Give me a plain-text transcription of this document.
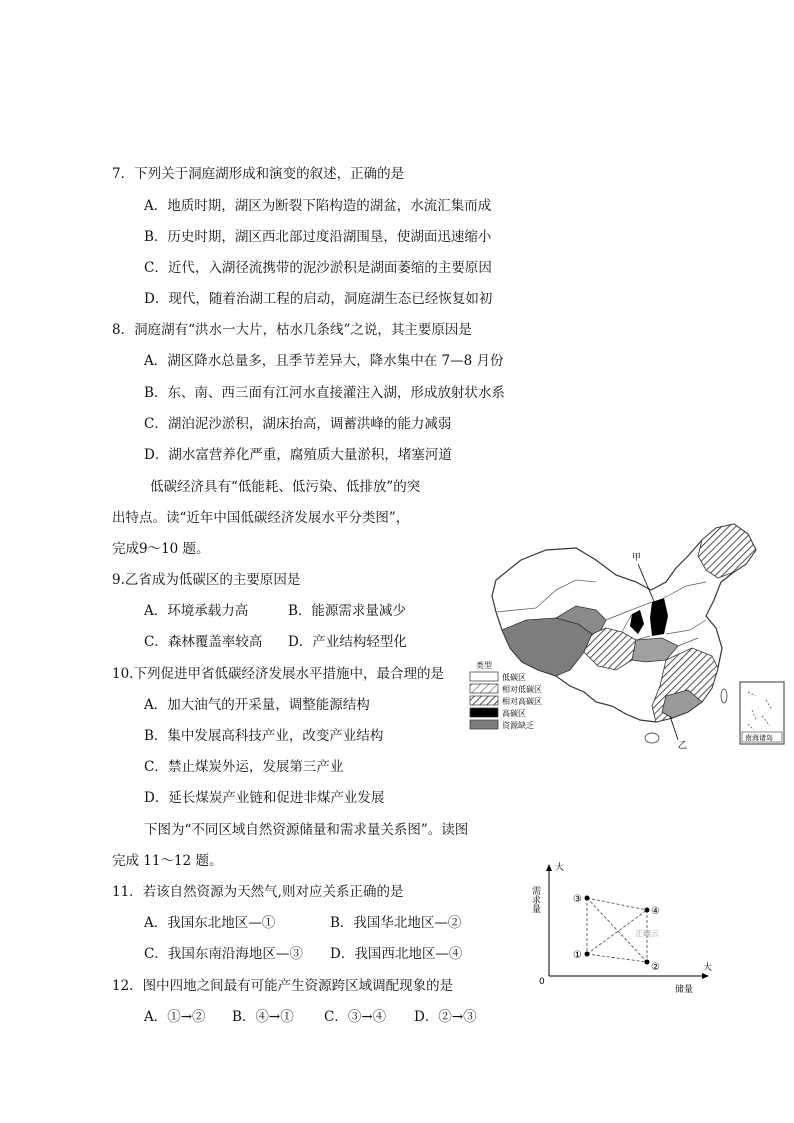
7．下列关于洞庭湖形成和演变的叙述，正确的是
A．地质时期，湖区为断裂下陷构造的湖盆，水流汇集而成
B．历史时期，湖区西北部过度沿湖围垦，使湖面迅速缩小
C．近代，入湖径流携带的泥沙淤积是湖面萎缩的主要原因
D．现代，随着治湖工程的启动，洞庭湖生态已经恢复如初
8．洞庭湖有“洪水一大片，枯水几条线”之说，其主要原因是
A．湖区降水总量多，且季节差异大，降水集中在 7—8 月份
B．东、南、西三面有江河水直接灌注入湖，形成放射状水系
C．湖泊泥沙淤积，湖床抬高，调蓄洪峰的能力减弱
D．湖水富营养化严重，腐殖质大量淤积，堵塞河道
低碳经济具有“低能耗、低污染、低排放”的突
出特点。读“近年中国低碳经济发展水平分类图”，
完成9～10 题。
9.乙省成为低碳区的主要原因是
A．环境承载力高	B．能源需求量减少
C．森林覆盖率较高 D．产业结构轻型化
10.下列促进甲省低碳经济发展水平措施中，最合理的是
A．加大油气的开采量，调整能源结构
B．集中发展高科技产业，改变产业结构
C．禁止煤炭外运，发展第三产业
D．延长煤炭产业链和促进非煤产业发展
下图为“不同区域自然资源储量和需求量关系图”。读图
完成 11～12 题。
11．若该自然资源为天然气,则对应关系正确的是
A．我国东北地区—①	B．我国华北地区—②
C．我国东南沿海地区—③ D．我国西北地区—④
12．图中四地之间最有可能产生资源跨区域调配现象的是
A．①→② B．④→① C．③→④ D．②→③
甲
乙
类型
低碳区
相对低碳区
相对高碳区
高碳区
资源缺乏
南海诸岛
大
需求量
大
储量
0
③
④
①
②
正确云
